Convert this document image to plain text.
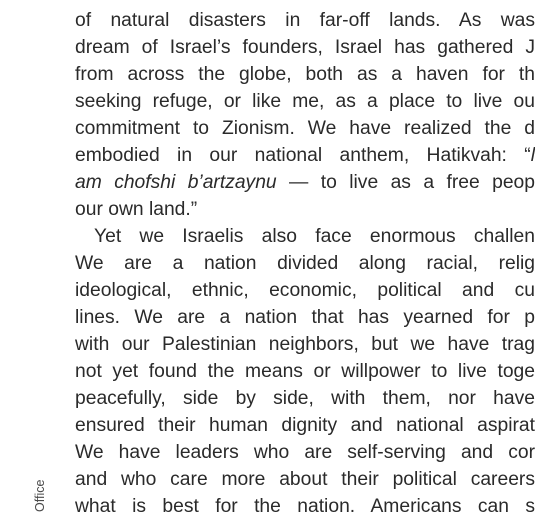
of natural disasters in far-off lands. As was
dream of Israel’s founders, Israel has gathered J
from across the globe, both as a haven for th
seeking refuge, or like me, as a place to live ou
commitment to Zionism. We have realized the d
embodied in our national anthem, Hatikvah: “l
am chofshi b’artzaynu — to live as a free peop
our own land.”
Yet we Israelis also face enormous challen
We are a nation divided along racial, relig
ideological, ethnic, economic, political and cu
lines. We are a nation that has yearned for p
with our Palestinian neighbors, but we have trag
not yet found the means or willpower to live toge
peacefully, side by side, with them, nor have
ensured their human dignity and national aspirat
We have leaders who are self-serving and cor
and who care more about their political careers
what is best for the nation. Americans can s
Office
